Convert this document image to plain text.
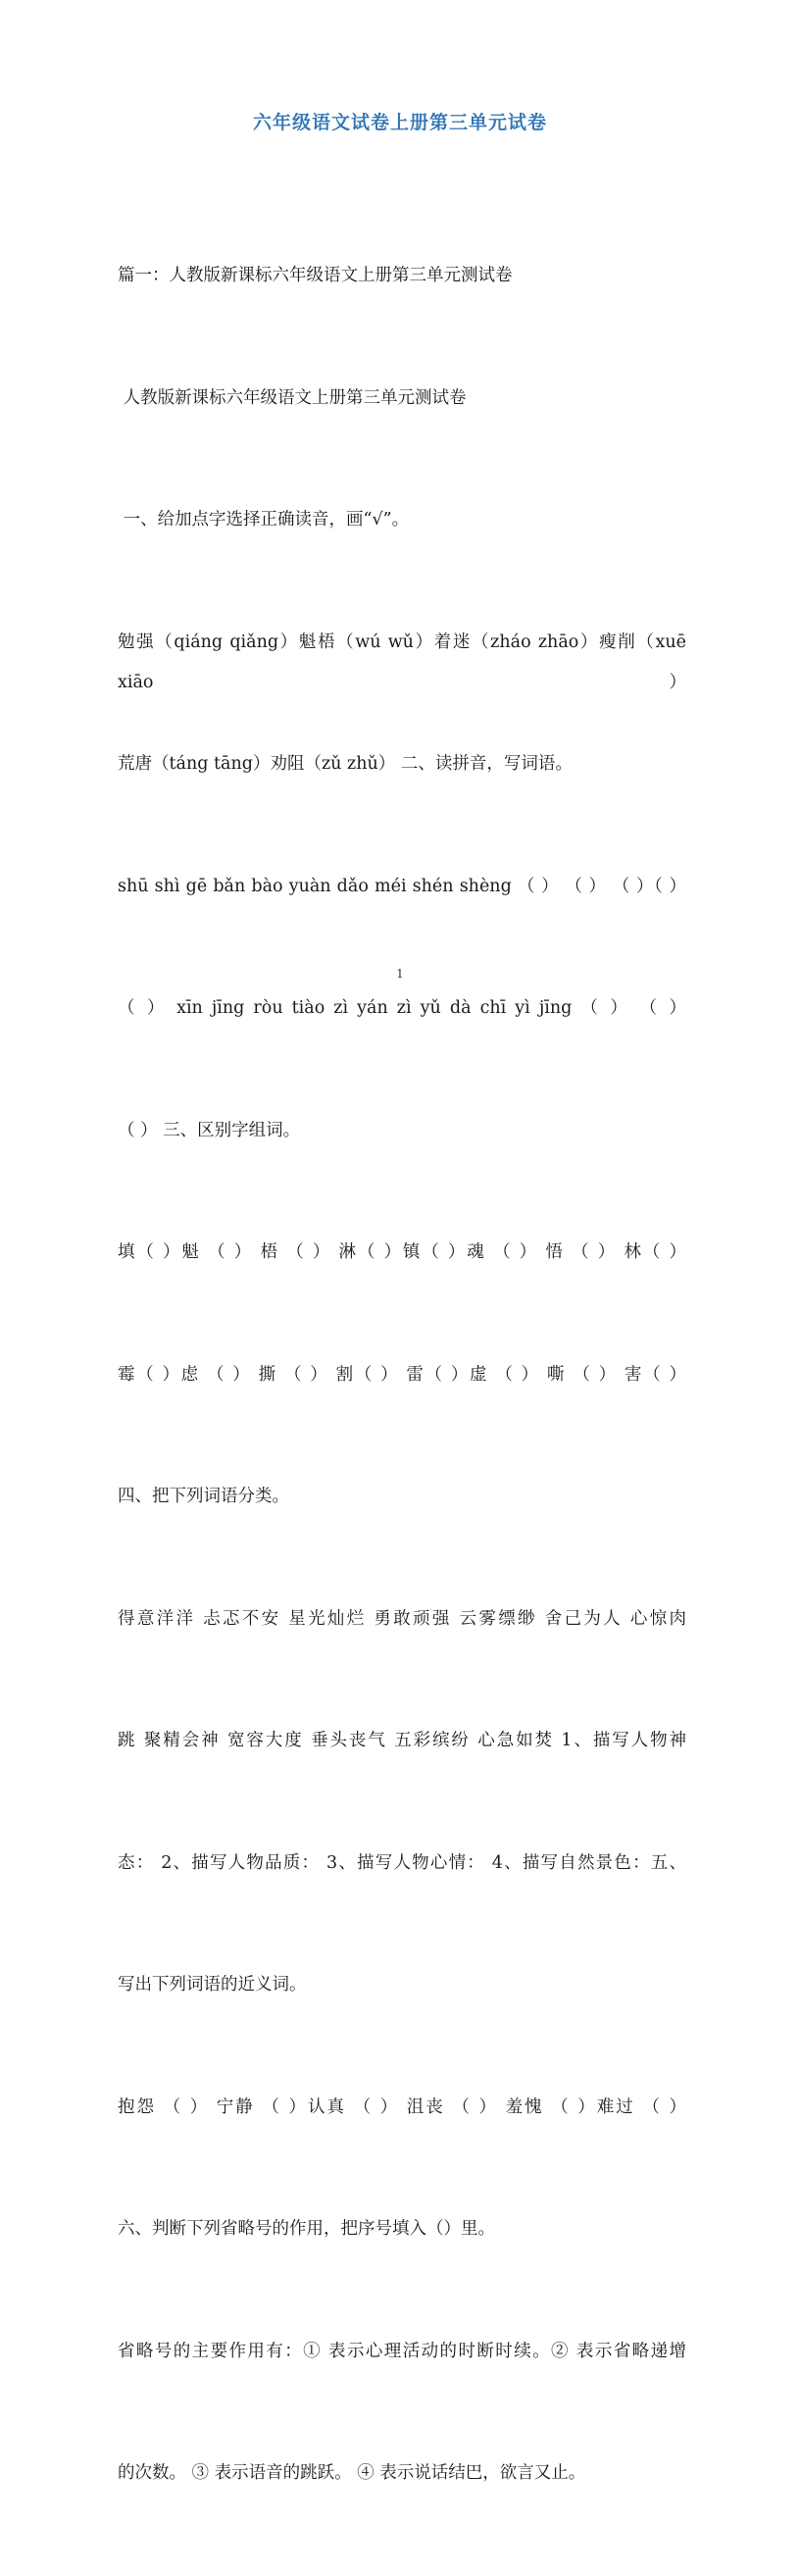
六年级语文试卷上册第三单元试卷

篇一：人教版新课标六年级语文上册第三单元测试卷

人教版新课标六年级语文上册第三单元测试卷

一、给加点字选择正确读音，画“√”。

勉强（qiáng qiǎng）魁梧（wú wǔ）着迷（zháo zhāo）瘦削（xuē xiāo）

荒唐（táng tāng）劝阻（zǔ zhǔ） 二、读拼音，写词语。

shū shì gē bǎn bào yuàn dǎo méi shén shèng （ ） （ ） （ ）（ ）

（ ） xīn jīng ròu tiào zì yán zì yǔ dà chī yì jīng （ ） （ ）

（ ） 三、区别字组词。

填（ ）魁 （ ） 梧 （ ） 淋（ ）镇（ ）魂 （ ） 悟 （ ） 林（ ）

霉（ ）虑 （ ） 撕 （ ） 割（ ） 雷（ ）虚 （ ） 嘶 （ ） 害（ ）

四、把下列词语分类。

得意洋洋 忐忑不安 星光灿烂 勇敢顽强 云雾缥缈 舍己为人 心惊肉

跳 聚精会神 宽容大度 垂头丧气 五彩缤纷 心急如焚 1、描写人物神

态： 2、描写人物品质： 3、描写人物心情： 4、描写自然景色：五、

写出下列词语的近义词。

抱怨 （ ） 宁静 （ ）认真 （ ） 沮丧 （ ） 羞愧 （ ）难过 （ ）

六、判断下列省略号的作用，把序号填入（）里。

省略号的主要作用有：① 表示心理活动的时断时续。② 表示省略递增

的次数。 ③ 表示语音的跳跃。 ④ 表示说话结巴，欲言又止。

1
